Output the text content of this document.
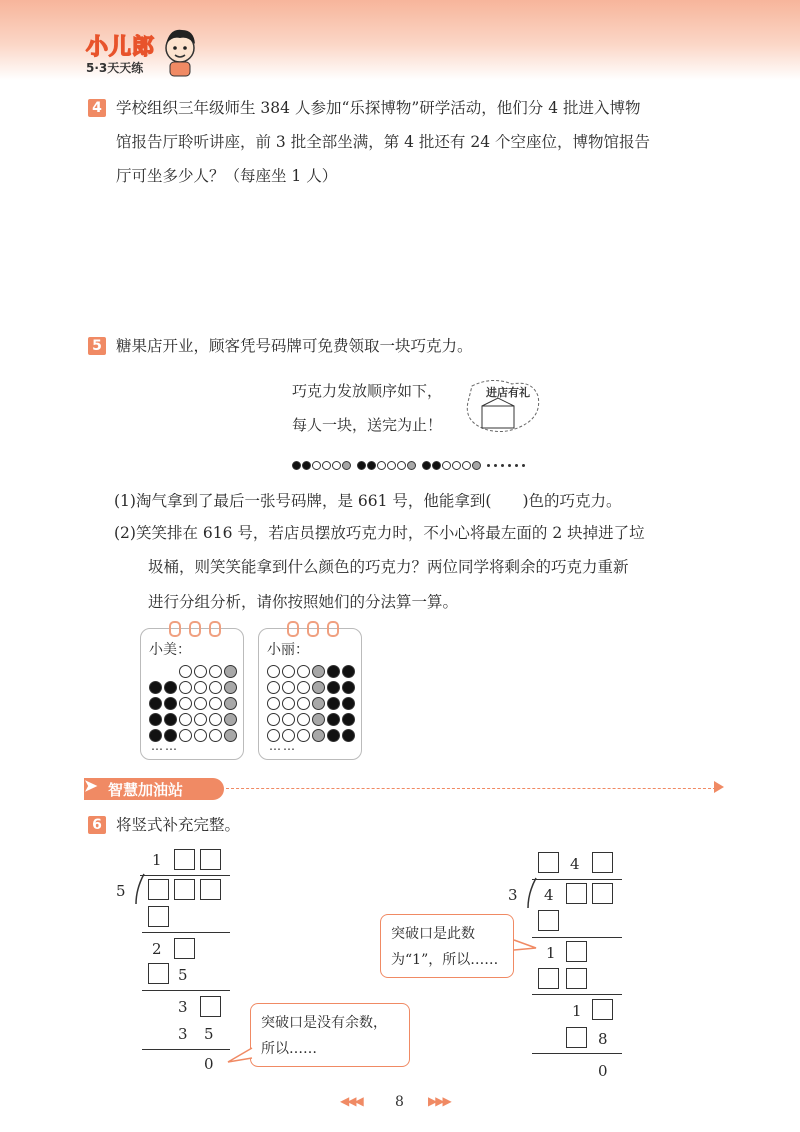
小儿郎
5·3天天练
4 学校组织三年级师生 384 人参加“乐探博物”研学活动，他们分 4 批进入博物
馆报告厅聆听讲座，前 3 批全部坐满，第 4 批还有 24 个空座位，博物馆报告
厅可坐多少人？（每座坐 1 人）
5 糖果店开业，顾客凭号码牌可免费领取一块巧克力。
巧克力发放顺序如下，
每人一块，送完为止！
进店有礼

(1)淘气拿到了最后一张号码牌，是 661 号，他能拿到(　　)色的巧克力。
(2)笑笑排在 616 号，若店员摆放巧克力时，不小心将最左面的 2 块掉进了垃
圾桶，则笑笑能拿到什么颜色的巧克力？两位同学将剩余的巧克力重新
进行分组分析，请你按照她们的分法算一算。
小美：
……
小丽：
……
智慧加油站
➤
6 将竖式补充完整。
1
5
2
5
3
3 5
0
突破口是没有余数，所以……
4
3 4
1
1
8
0
突破口是此数为“1”，所以……
◀◀◀ 8 ▶▶▶
